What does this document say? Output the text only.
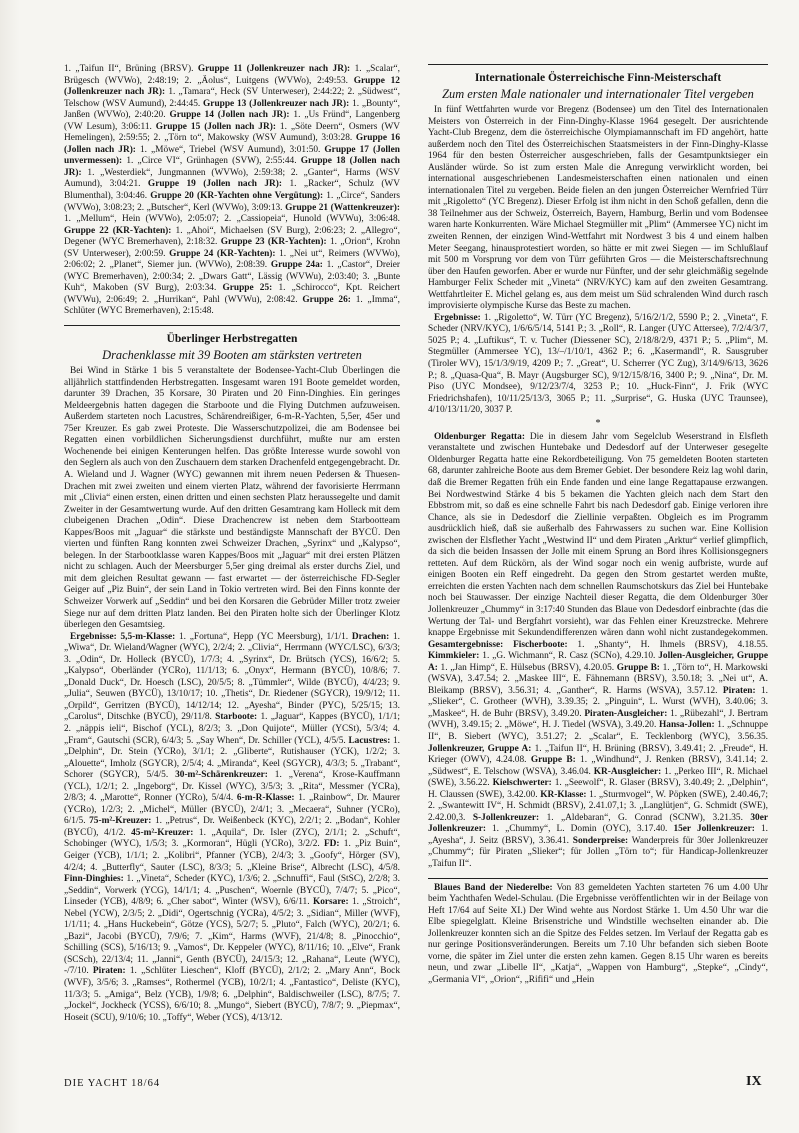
1. „Taifun II“, Brüning (BRSV). Gruppe 11 (Jollenkreuzer nach JR): 1. „Scalar“, Brügesch (WVWo), 2:48:19; 2. „Äolus“, Luitgens (WVWo), 2:49:53. Gruppe 12 (Jollenkreuzer nach JR): 1. „Tamara“, Heck (SV Unterweser), 2:44:22; 2. „Südwest“, Telschow (WSV Aumund), 2:44:45. Gruppe 13 (Jollenkreuzer nach JR): 1. „Bounty“, Janßen (WVWo), 2:40:20. Gruppe 14 (Jollen nach JR): 1. „Us Fründ“, Langenberg (VW Lesum), 3:06:11. Gruppe 15 (Jollen nach JR): 1. „Söte Deern“, Osmers (WV Hemelingen), 2:59:55; 2. „Törn to“, Makowsky (WSV Aumund), 3:03:28. Gruppe 16 (Jollen nach JR): 1. „Möwe“, Triebel (WSV Aumund), 3:01:50. Gruppe 17 (Jollen unvermessen): 1. „Circe VI“, Grünhagen (SVW), 2:55:44. Gruppe 18 (Jollen nach JR): 1. „Westerdiek“, Jungmannen (WVWo), 2:59:38; 2. „Ganter“, Harms (WSV Aumund), 3:04:21. Gruppe 19 (Jollen nach JR): 1. „Racker“, Schulz (WV Blumenthal), 3:04:46. Gruppe 20 (KR-Yachten ohne Vergütung): 1. „Circe“, Sanders (WVWo), 3:08:23; 2. „Butscher“, Kerl (WVWo), 3:09:13. Gruppe 21 (Wattenkreuzer): 1. „Mellum“, Hein (WVWo), 2:05:07; 2. „Cassiopeia“, Hunold (WVWu), 3:06:48. Gruppe 22 (KR-Yachten): 1. „Ahoi“, Michaelsen (SV Burg), 2:06:23; 2. „Allegro“, Degener (WYC Bremerhaven), 2:18:32. Gruppe 23 (KR-Yachten): 1. „Orion“, Krohn (SV Unterweser), 2:00:59. Gruppe 24 (KR-Yachten): 1. „Nei ut“, Reimers (WVWo), 2:06:02; 2. „Planet“, Siemer jun. (WVWo), 2:08:39. Gruppe 24a: 1. „Castor“, Dreier (WYC Bremerhaven), 2:00:34; 2. „Dwars Gatt“, Lässig (WVWu), 2:03:40; 3. „Bunte Kuh“, Makoben (SV Burg), 2:03:34. Gruppe 25: 1. „Schirocco“, Kpt. Reichert (WVWu), 2:06:49; 2. „Hurrikan“, Pahl (WVWu), 2:08:42. Gruppe 26: 1. „Imma“, Schlüter (WYC Bremerhaven), 2:15:48.

Überlinger Herbstregatten
Drachenklasse mit 39 Booten am stärksten vertreten

Bei Wind in Stärke 1 bis 5 veranstaltete der Bodensee-Yacht-Club Überlingen die alljährlich stattfindenden Herbstregatten. Insgesamt waren 191 Boote gemeldet worden, darunter 39 Drachen, 35 Korsare, 30 Piraten und 20 Finn-Dinghies. Ein geringes Meldeergebnis hatten dagegen die Starboote und die Flying Dutchmen aufzuweisen. Außerdem starteten noch Lacustres, Schärendreißiger, 6-m-R-Yachten, 5,5er, 45er und 75er Kreuzer. Es gab zwei Proteste. Die Wasserschutzpolizei, die am Bodensee bei Regatten einen vorbildlichen Sicherungsdienst durchführt, mußte nur am ersten Wochenende bei einigen Kenterungen helfen. Das größte Interesse wurde sowohl von den Seglern als auch von den Zuschauern dem starken Drachenfeld entgegengebracht. Dr. A. Wieland und J. Wagner (WYC) gewannen mit ihrem neuen Pedersen & Thuesen-Drachen mit zwei zweiten und einem vierten Platz, während der favorisierte Herrmann mit „Clivia“ einen ersten, einen dritten und einen sechsten Platz heraussegelte und damit Zweiter in der Gesamtwertung wurde. Auf den dritten Gesamtrang kam Holleck mit dem clubeigenen Drachen „Odin“. Diese Drachencrew ist neben dem Starbootteam Kappes/Boos mit „Jaguar“ die stärkste und beständigste Mannschaft der BYCÜ. Den vierten und fünften Rang konnten zwei Schweizer Drachen, „Syrinx“ und „Kalypso“, belegen. In der Starbootklasse waren Kappes/Boos mit „Jaguar“ mit drei ersten Plätzen nicht zu schlagen. Auch der Meersburger 5,5er ging dreimal als erster durchs Ziel, und mit dem gleichen Resultat gewann — fast erwartet — der österreichische FD-Segler Geiger auf „Piz Buin“, der sein Land in Tokio vertreten wird. Bei den Finns konnte der Schweizer Vorwerk auf „Seddin“ und bei den Korsaren die Gebrüder Miller trotz zweier Siege nur auf dem dritten Platz landen. Bei den Piraten holte sich der Überlinger Klotz überlegen den Gesamtsieg.

Ergebnisse: 5,5-m-Klasse: 1. „Fortuna“, Hepp (YC Meersburg), 1/1/1. Drachen: 1. „Wiwa“, Dr. Wieland/Wagner (WYC), 2/2/4; 2. „Clivia“, Herrmann (WYC/LSC), 6/3/3; 3. „Odin“, Dr. Holleck (BYCÜ), 1/7/3; 4. „Syrinx“, Dr. Brütsch (YCS), 16/6/2; 5. „Kalypso“, Oberländer (YCRo), 11/1/13; 6. „Onyx“, Hermann (BYCÜ), 10/8/6; 7. „Donald Duck“, Dr. Hoesch (LSC), 20/5/5; 8. „Tümmler“, Wilde (BYCÜ), 4/4/23; 9. „Julia“, Seuwen (BYCÜ), 13/10/17; 10. „Thetis“, Dr. Riedener (SGYCR), 19/9/12; 11. „Orpild“, Gerritzen (BYCÜ), 14/12/14; 12. „Ayesha“, Binder (PYC), 5/25/15; 13. „Carolus“, Ditschke (BYCÜ), 29/11/8. Starboote: 1. „Jaguar“, Kappes (BYCÜ), 1/1/1; 2. „näppis ieli“, Bischof (YCL), 8/2/3; 3. „Don Quijote“, Müller (YCSt), 5/3/4; 4. „Fram“, Gautschi (SCR), 6/4/3; 5. „Say When“, Dr. Schiller (YCL), 4/5/5. Lacustres: 1. „Delphin“, Dr. Stein (YCRo), 3/1/1; 2. „Gliberte“, Rutishauser (YCK), 1/2/2; 3. „Alouette“, Imholz (SGYCR), 2/5/4; 4. „Miranda“, Keel (SGYCR), 4/3/3; 5. „Trabant“, Schorer (SGYCR), 5/4/5. 30-m²-Schärenkreuzer: 1. „Verena“, Krose-Kauffmann (YCL), 1/2/1; 2. „Ingeborg“, Dr. Kissel (WYC), 3/5/3; 3. „Rita“, Messmer (YCRa), 2/8/3; 4. „Marotte“, Ronner (YCRo), 5/4/4. 6-m-R-Klasse: 1. „Rainbow“, Dr. Maurer (YCRo), 1/2/3; 2. „Michel“, Müller (BYCÜ), 2/4/1; 3. „Mecaera“, Suhner (YCRo), 6/1/5. 75-m²-Kreuzer: 1. „Petrus“, Dr. Weißenbeck (KYC), 2/2/1; 2. „Bodan“, Kohler (BYCÜ), 4/1/2. 45-m²-Kreuzer: 1. „Aquila“, Dr. Isler (ZYC), 2/1/1; 2. „Schuft“, Schobinger (WYC), 1/5/3; 3. „Kormoran“, Hügli (YCRo), 3/2/2. FD: 1. „Piz Buin“, Geiger (YCB), 1/1/1; 2. „Kolibri“, Pfanner (YCB), 2/4/3; 3. „Goofy“, Hörger (SV), 4/2/4; 4. „Butterfly“, Sauter (LSC), 8/3/3; 5. „Kleine Brise“, Albrecht (LSC), 4/5/8. Finn-Dinghies: 1. „Vineta“, Scheder (KYC), 1/3/6; 2. „Schnuffi“, Faul (StSC), 2/2/8; 3. „Seddin“, Vorwerk (YCG), 14/1/1; 4. „Puschen“, Woernle (BYCÜ), 7/4/7; 5. „Pico“, Linseder (YCB), 4/8/9; 6. „Cher sabot“, Winter (WSV), 6/6/11. Korsare: 1. „Stroich“, Nebel (YCW), 2/3/5; 2. „Didi“, Ogertschnig (YCRa), 4/5/2; 3. „Sidian“, Miller (WVF), 1/1/11; 4. „Hans Huckebein“, Götze (YCS), 5/2/7; 5. „Pluto“, Falch (WYC), 20/2/1; 6. „Bazi“, Jacobi (BYCÜ), 7/9/6; 7. „Kim“, Harms (WVF), 21/4/8; 8. „Pinocchio“, Schilling (SCS), 5/16/13; 9. „Vamos“, Dr. Keppeler (WYC), 8/11/16; 10. „Elve“, Frank (SCSch), 22/13/4; 11. „Janni“, Genth (BYCÜ), 24/15/3; 12. „Rahana“, Leute (WYC), -/7/10. Piraten: 1. „Schlüter Lieschen“, Kloff (BYCÜ), 2/1/2; 2. „Mary Ann“, Bock (WVF), 3/5/6; 3. „Ramses“, Rothermel (YCB), 10/2/1; 4. „Fantastico“, Deliste (KYC), 11/3/3; 5. „Amiga“, Belz (YCB), 1/9/8; 6. „Delphin“, Baldischweiler (LSC), 8/7/5; 7. „Jockel“, Jockheck (YCSS), 6/6/10; 8. „Mungo“, Siebert (BYCÜ), 7/8/7; 9. „Piepmax“, Hoseit (SCU), 9/10/6; 10. „Toffy“, Weber (YCS), 4/13/12.

Internationale Österreichische Finn-Meisterschaft
Zum ersten Male nationaler und internationaler Titel vergeben

In fünf Wettfahrten wurde vor Bregenz (Bodensee) um den Titel des Internationalen Meisters von Österreich in der Finn-Dinghy-Klasse 1964 gesegelt. Der ausrichtende Yacht-Club Bregenz, dem die österreichische Olympiamannschaft im FD angehört, hatte außerdem noch den Titel des Österreichischen Staatsmeisters in der Finn-Dinghy-Klasse 1964 für den besten Österreicher ausgeschrieben, falls der Gesamtpunktsieger ein Ausländer würde. So ist zum ersten Male die Anregung verwirklicht worden, bei international ausgeschriebenen Landesmeisterschaften einen nationalen und einen internationalen Titel zu vergeben. Beide fielen an den jungen Österreicher Wernfried Türr mit „Rigoletto“ (YC Bregenz). Dieser Erfolg ist ihm nicht in den Schoß gefallen, denn die 38 Teilnehmer aus der Schweiz, Österreich, Bayern, Hamburg, Berlin und vom Bodensee waren harte Konkurrenten. Wäre Michael Stegmüller mit „Plim“ (Ammersee YC) nicht im zweiten Rennen, der einzigen Wind-Wettfahrt mit Nordwest 3 bis 4 und einem halben Meter Seegang, hinausprotestiert worden, so hätte er mit zwei Siegen — im Schlußlauf mit 500 m Vorsprung vor dem von Türr geführten Gros — die Meisterschaftsrechnung über den Haufen geworfen. Aber er wurde nur Fünfter, und der sehr gleichmäßig segelnde Hamburger Felix Scheder mit „Vineta“ (NRV/KYC) kam auf den zweiten Gesamtrang. Wettfahrtleiter E. Michel gelang es, aus dem meist um Süd schralenden Wind durch rasch improvisierte olympische Kurse das Beste zu machen.

Ergebnisse: 1. „Rigoletto“, W. Türr (YC Bregenz), 5/16/2/1/2, 5590 P.; 2. „Vineta“, F. Scheder (NRV/KYC), 1/6/6/5/14, 5141 P.; 3. „Roll“, R. Langer (UYC Attersee), 7/2/4/3/7, 5025 P.; 4. „Luftikus“, T. v. Tucher (Diessener SC), 2/18/8/2/9, 4371 P.; 5. „Plim“, M. Stegmüller (Ammersee YC), 13/–/1/10/1, 4362 P.; 6. „Kasermandl“, R. Sausgruber (Tiroler WV), 15/1/3/9/19, 4209 P.; 7. „Great“, U. Scherrer (YC Zug), 3/14/9/6/13, 3626 P.; 8. „Quasa-Qua“, B. Mayr (Augsburger SC), 9/12/15/8/16, 3400 P.; 9. „Nina“, Dr. M. Piso (UYC Mondsee), 9/12/23/7/4, 3253 P.; 10. „Huck-Finn“, J. Frik (WYC Friedrichshafen), 10/11/25/13/3, 3065 P.; 11. „Surprise“, G. Huska (UYC Traunsee), 4/10/13/11/20, 3037 P.

*

Oldenburger Regatta: Die in diesem Jahr vom Segelclub Weserstrand in Elsfleth veranstaltete und zwischen Huntebake und Dedesdorf auf der Unterweser gesegelte Oldenburger Regatta hatte eine Rekordbeteiligung. Von 75 gemeldeten Booten starteten 68, darunter zahlreiche Boote aus dem Bremer Gebiet. Der besondere Reiz lag wohl darin, daß die Bremer Regatten früh ein Ende fanden und eine lange Regattapause erzwangen. Bei Nordwestwind Stärke 4 bis 5 bekamen die Yachten gleich nach dem Start den Ebbstrom mit, so daß es eine schnelle Fahrt bis nach Dedesdorf gab. Einige verloren ihre Chance, als sie in Dedesdorf die Ziellinie verpaßten. Obgleich es im Programm ausdrücklich hieß, daß sie außerhalb des Fahrwassers zu suchen war. Eine Kollision zwischen der Elsflether Yacht „Westwind II“ und dem Piraten „Arktur“ verlief glimpflich, da sich die beiden Insassen der Jolle mit einem Sprung an Bord ihres Kollisionsgegners retteten. Auf dem Rückörn, als der Wind sogar noch ein wenig aufbriste, wurde auf einigen Booten ein Reff eingedreht. Da gegen den Strom gestartet werden mußte, erreichten die ersten Yachten nach dem schnellen Raumschotskurs das Ziel bei Huntebake noch bei Stauwasser. Der einzige Nachteil dieser Regatta, die dem Oldenburger 30er Jollenkreuzer „Chummy“ in 3:17:40 Stunden das Blaue von Dedesdorf einbrachte (das die Wertung der Tal- und Bergfahrt vorsieht), war das Fehlen einer Kreuzstrecke. Mehrere knappe Ergebnisse mit Sekundendifferenzen wären dann wohl nicht zustandegekommen. Gesamtergebnisse: Fischerboote: 1. „Shanty“, H. Ihmels (BRSV), 4.18.55. Kimmkieler: 1. „G. Wichmann“, R. Casz (SCNo), 4.29.10. Jollen-Ausgleicher, Gruppe A: 1. „Jan Himp“, E. Hülsebus (BRSV), 4.20.05. Gruppe B: 1. „Törn to“, H. Markowski (WSVA), 3.47.54; 2. „Maskee III“, E. Fähnemann (BRSV), 3.50.18; 3. „Nei ut“, A. Bleikamp (BRSV), 3.56.31; 4. „Ganther“, R. Harms (WSVA), 3.57.12. Piraten: 1. „Slieker“, C. Grotheer (WVH), 3.39.35; 2. „Pinguin“, L. Wurst (WVH), 3.40.06; 3. „Maskee“, H. de Buhr (BRSV), 3.49.20. Piraten-Ausgleicher: 1. „Rübezahl“, J. Bertram (WVH), 3.49.15; 2. „Möwe“, H. J. Tiedel (WSVA), 3.49.20. Hansa-Jollen: 1. „Schnuppe II“, B. Siebert (WYC), 3.51.27; 2. „Scalar“, E. Tecklenborg (WYC), 3.56.35. Jollenkreuzer, Gruppe A: 1. „Taifun II“, H. Brüning (BRSV), 3.49.41; 2. „Freude“, H. Krieger (OWV), 4.24.08. Gruppe B: 1. „Windhund“, J. Renken (BRSV), 3.41.14; 2. „Südwest“, E. Telschow (WSVA), 3.46.04. KR-Ausgleicher: 1. „Perkeo III“, R. Michael (SWE), 3.56.22. Kielschwerter: 1. „Seewolf“, R. Glaser (BRSV), 3.40.49; 2. „Delphin“, H. Claussen (SWE), 3.42.00. KR-Klasse: 1. „Sturmvogel“, W. Pöpken (SWE), 2.40.46,7; 2. „Swantewitt IV“, H. Schmidt (BRSV), 2.41.07,1; 3. „Langlütjen“, G. Schmidt (SWE), 2.42.00,3. S-Jollenkreuzer: 1. „Aldebaran“, G. Conrad (SCNW), 3.21.35. 30er Jollenkreuzer: 1. „Chummy“, L. Domin (OYC), 3.17.40. 15er Jollenkreuzer: 1. „Ayesha“, J. Seitz (BRSV), 3.36.41. Sonderpreise: Wanderpreis für 30er Jollenkreuzer „Chummy“; für Piraten „Slieker“; für Jollen „Törn to“; für Handicap-Jollenkreuzer „Taifun II“.

Blaues Band der Niederelbe: Von 83 gemeldeten Yachten starteten 76 um 4.00 Uhr beim Yachthafen Wedel-Schulau. (Die Ergebnisse veröffentlichten wir in der Beilage von Heft 17/64 auf Seite XI.) Der Wind wehte aus Nordost Stärke 1. Um 4.50 Uhr war die Elbe spiegelglatt. Kleine Brisenstriche und Windstille wechselten einander ab. Die Jollenkreuzer konnten sich an die Spitze des Feldes setzen. Im Verlauf der Regatta gab es nur geringe Positionsveränderungen. Bereits um 7.10 Uhr befanden sich sieben Boote vorne, die später im Ziel unter die ersten zehn kamen. Gegen 8.15 Uhr waren es bereits neun, und zwar „Libelle II“, „Katja“, „Wappen von Hamburg“, „Stepke“, „Cindy“, „Germania VI“, „Orion“, „Rififi“ und „Hein

DIE YACHT 18/64	IX
